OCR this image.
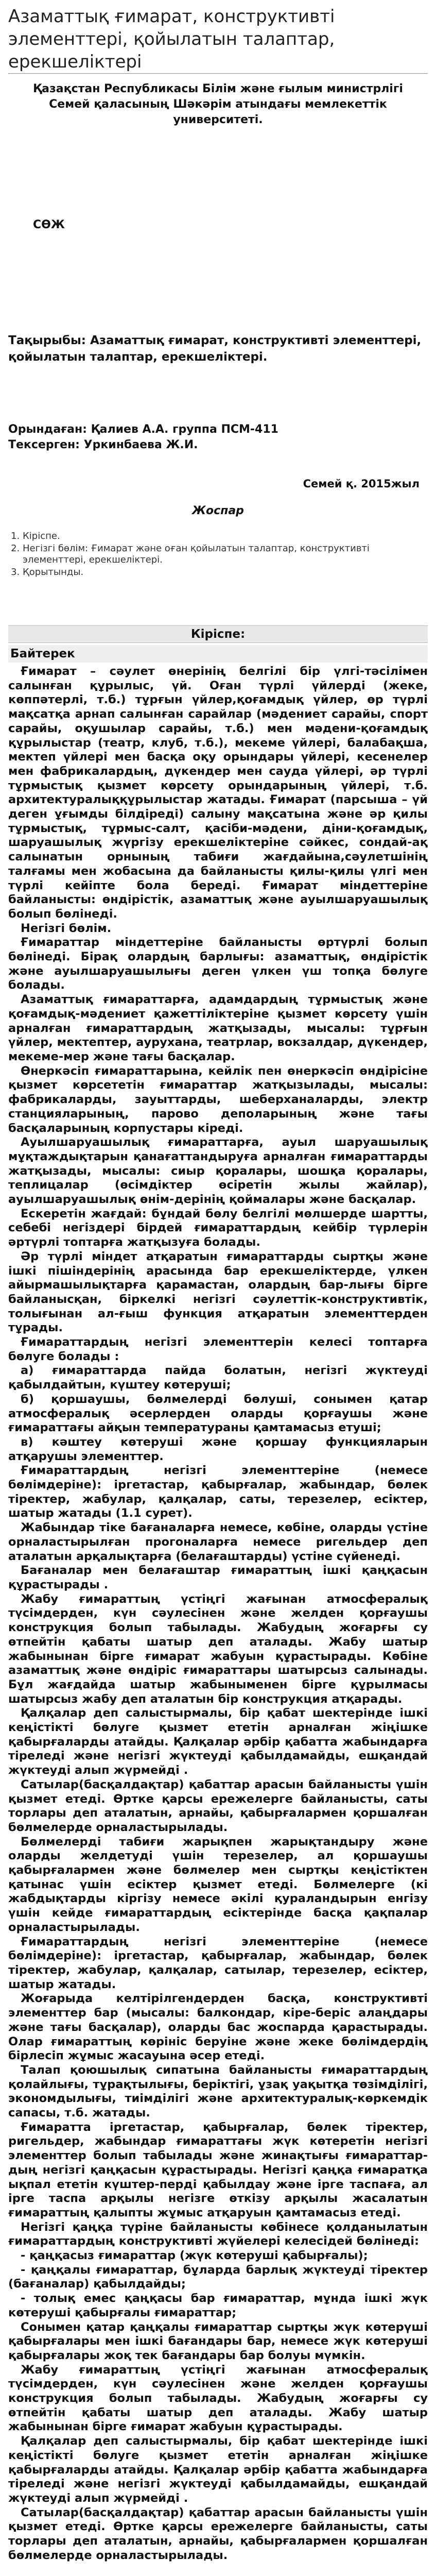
Азаматтық ғимарат, конструктивті элементтері, қойылатын талаптар, ерекшеліктері
Қазақстан Республикасы Білім және ғылым министрлігі
Семей қаласының Шәкәрім атындағы мемлекеттік университеті.
СӨЖ
Тақырыбы: Азаматтық ғимарат, конструктивті элементтері, қойылатын талаптар, ерекшеліктері.
Орындаған: Қалиев А.А. группа ПСМ-411
Тексерген: Уркинбаева Ж.И.
Семей қ. 2015жыл
Жоспар
1. Кіріспе.
2. Негізгі бөлім: Ғимарат және оған қойылатын талаптар, конструктивті элементтері, ерекшеліктері.
3. Қорытынды.
Кіріспе:
Байтерек

Ғимарат – сәулет өнерінің белгілі бір үлгі-тәсілімен салынған құрылыс, үй. Оған түрлі үйлерді (жеке, көппәтерлі, т.б.) тұрғын үйлер,қоғамдық үйлер, өр түрлі мақсатқа арнап салынған сарайлар (мәдениет сарайы, спорт сарайы, оқушылар сарайы, т.б.) мен мәдени-қоғамдық құрылыстар (театр, клуб, т.б.), мекеме үйлері, балабақша, мектеп үйлері мен басқа оқу орындары үйлері, кесенелер мен фабрикалардың, дүкендер мен сауда үйлері, әр түрлі тұрмыстық қызмет көрсету орындарының үйлері, т.б. архитектуралыққұрылыстар жатады. Ғимарат (парсыша – үй деген ұғымды білдіреді) салыну мақсатына және әр қилы тұрмыстық, тұрмыс-салт, қасіби-мәдени, діни-қоғамдық, шаруашылық жүргізу ерекшеліктеріне сәйкес, сондай-ақ салынатын орнының табиғи жағдайына,сәулетшінің талғамы мен жобасына да байланысты қилы-қилы үлгі мен түрлі кейіпте бола береді. Ғимарат міндеттеріне байланысты: өндірістік, азаматтық және ауылшаруашылық болып бөлінеді.

Негізгі бөлім.

Ғимараттар міндеттеріне байланысты өртүрлі болып бөлінеді. Бірақ олардың барлығы: азаматтық, өндірістік және ауылшаруашылығы деген үлкен үш топқа бөлуге болады.

Азаматтық ғимараттарға, адамдардың тұрмыстық және қоғамдық-мәдениет қажеттіліктеріне қызмет көрсету үшін арналған ғимараттардың жатқызады, мысалы: тұрғын үйлер, мектептер, аурухана, театрлар, вокзалдар, дүкендер, мекеме-мер және тағы басқалар.

Өнеркәсіп ғимараттарына, кейлік пен өнеркәсіп өндірісіне қызмет көрсететін ғимараттар жатқызылады, мысалы: фабрикаларды, зауыттарды, шеберханаларды, электр станцияларының, парово деполарының және тағы басқаларының корпустары кіреді.

Ауылшаруашылық ғимараттарға, ауыл шаруашылық мұқтаждықтарын қанағаттандыруға арналған ғимараттарды жатқызады, мысалы: сиыр қоралары, шошқа қоралары, теплицалар (өсімдіктер өсіретін жылы жайлар), ауылшаруашылық өнім-дерінің қоймалары және басқалар.

Ескеретін жағдай: бұндай бөлу белгілі мөлшерде шартты, себебі негіздері бірдей ғимараттардың кейбір түрлерін әртүрлі топтарға жатқызуға болады.

Әр түрлі міндет атқаратын ғимараттарды сыртқы және ішкі пішіндерінің арасында бар ерекшеліктерде, үлкен айырмашылықтарға қарамастан, олардың бар-лығы бірге байланысқан, біркелкі негізгі сәулеттік-конструктивтік, толығынан ал-ғыш функция атқаратын элементтерден тұрады.

Ғимараттардың негізгі элементтерін келесі топтарға бөлуге болады :

а) ғимараттарда пайда болатын, негізгі жүктеуді қабылдайтын, күштеу көтеруші;

б) қоршаушы, бөлмелерді бөлуші, сонымен қатар атмосфералық әсерлерден оларды қорғаушы және ғимараттағы айқын температураны қамтамасыз етуші;

в) кәштеу көтеруші және қоршау функцияларын атқарушы элементтер.

Ғимараттардың негізгі элементтеріне (немесе бөлімдеріне): іргетастар, қабырғалар, жабындар, бөлек тіректер, жабулар, қалқалар, саты, терезелер, есіктер, шатыр жатады (1.1 сурет).

Жабындар тіке бағаналарға немесе, көбіне, оларды үстіне орналастырылған прогоналарға немесе ригельдер деп аталатын арқалықтарға (белағаштарды) үстіне сүйенеді.

Бағаналар мен белағаштар ғимараттың ішкі қаңқасын құрастырады .

Жабу ғимараттың үстіңгі жағынан атмосфералық түсімдерден, күн сәулесінен және желден қорғаушы конструкция болып табылады. Жабудың жоғарғы су өтпейтін қабаты шатыр деп аталады. Жабу шатыр жабынынан бірге ғимарат жабуын құрастырады. Көбіне азаматтық және өндіріс ғимараттары шатырсыз салынады. Бұл жағдайда шатыр жабыныменен бірге құрылмасы шатырсыз жабу деп аталатын бір конструкция атқарады.

Қалқалар деп салыстырмалы, бір қабат шектеріндe ішкі кеңістікті бөлуге қызмет ететін арналған жіңішке қабырғаларды атайды. Қалқалар әрбір қабатта жабындарға тіреледі және негізгі жүктеуді қабылдамайды, ешқандай жүктеуді алып жүрмейді .

Сатылар(басқалдақтар) қабаттар арасын байланысты үшін қызмет етеді. Өртке қарсы ережелерге байланысты, саты торлары деп аталатын, арнайы, қабырғалармен қоршалған бөлмелерде орналастырылады.

Бөлмелерді табиғи жарықпен жарықтандыру және оларды желдетуді үшін терезелер, ал қоршаушы қабырғалармен және бөлмелер мен сыртқы кеңістіктен қатынас үшін есіктер қызмет етеді. Бөлмелерге (кі жабдықтарды кіргізу немесе әкілі қураландырын енгізу үшін кейде ғимараттардың есіктерінде басқа қақпалар орналастырылады.

Ғимараттардың негізгі элементтеріне (немесе бөлімдеріне): іргетастар, қабырғалар, жабындар, бөлек тіректер, жабулар, қалқалар, сатылар, терезелер, есіктер, шатыр жатады.

Жоғарыда келтірілгендерден басқа, конструктивті элементтер бар (мысалы: балкондар, кіре-беріс алаңдары және тағы басқалар), оларды бас жоспарда қарастырады. Олар ғимараттың көрініс беруіне және жеке бөлімдердің бірлесіп жұмыс жасауына әсер етеді.

Талап қоюшылық сипатына байланысты ғимараттардың қолайлығы, тұрақтылығы, беріктігі, ұзақ уақытқа төзімділігі, экономдылығы, тиімділігі және архитектуралық-көркемдік сапасы, т.б. жатады.

Ғимаратта іргетастар, қабырғалар, бөлек тіректер, ригельдер, жабындар ғимараттағы жүк көтеретін негізгі элементтер болып табылады және жинақтығы ғимараттар-дың негізгі қаңқасын құрастырады. Негізгі қаңқа ғимаратқа ықпал ететін күштер-перді қабылдау және ірге таспаға, ал ірге таспа арқылы негізге өткізу арқылы жасалатын ғимараттың қалыпты жұмыс атқаруын қамтамасыз етеді.

Негізгі қаңқа түріне байланысты көбінесе қолданылатын ғимараттардың конструктивті жүйелері келесідей бөлінеді:

- қаңқасыз ғимараттар (жүк көтеруші қабырғалы);

- қаңқалы ғимараттар, бұларда барлық жүктеуді тіректер (бағаналар) қабылдайды;

- толық емес қаңқасы бар ғимараттар, мұнда ішкі жүк көтеруші қабырғалы ғимараттар;

Сонымен қатар қаңқалы ғимараттар сыртқы жүк көтерүші қабырғалары мен ішкі бағандары бар, немесе жүк көтеруші қабырғалары жоқ тек бағандары бар болуы мүмкін.

Жабу ғимараттың үстіңгі жағынан атмосфералық түсімдерден, күн сәулесінен және желден қорғаушы конструкция болып табылады. Жабудың жоғарғы су өтпейтін қабаты шатыр деп аталады. Жабу шатыр жабынынан бірге ғимарат жабуын құрастырады.

Қалқалар деп салыстырмалы, бір қабат шектеріндe ішкі кеңістікті бөлуге қызмет ететін арналған жіңішке қабырғаларды атайды. Қалқалар әрбір қабатта жабындарға тіреледі және негізгі жүктеуді қабылдамайды, ешқандай жүктеуді алып жүрмейді .

Сатылар(басқалдақтар) қабаттар арасын байланысты үшін қызмет етеді. Өртке қарсы ережелерге байланысты, саты торлары деп аталатын, арнайы, қабырғалармен қоршалған бөлмелерде орналастырылады.
